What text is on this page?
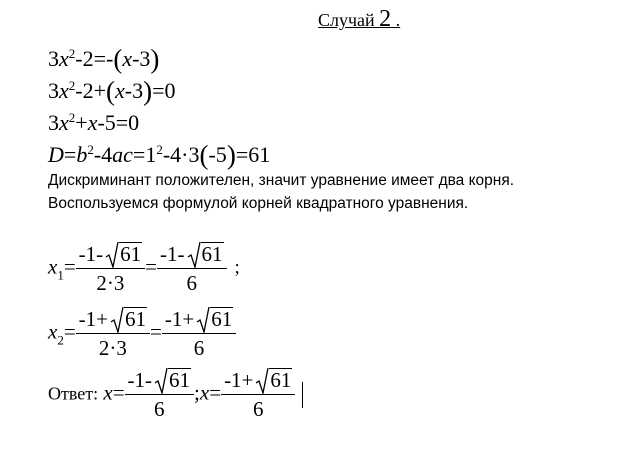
Случай 2 .
$3x^2-2=-(x-3)$
$3x^2-2+(x-3)=0$
$3x^2+x-5=0$
$D=b^2-4ac=1^2-4\cdot 3(-5)=61$
Дискриминант положителен, значит уравнение имеет два корня.
Воспользуемся формулой корней квадратного уравнения.
$x_1= \frac{-1- 61}{2\cdot 3} = \frac{-1- 61}{6}$ ;
$x_2= \frac{-1+ 61}{2\cdot 3} = \frac{-1+ 61}{6}$
Ответ: $x= \frac{-1- 61}{6}$ ;x= $\frac{-1+ 61}{6}$
